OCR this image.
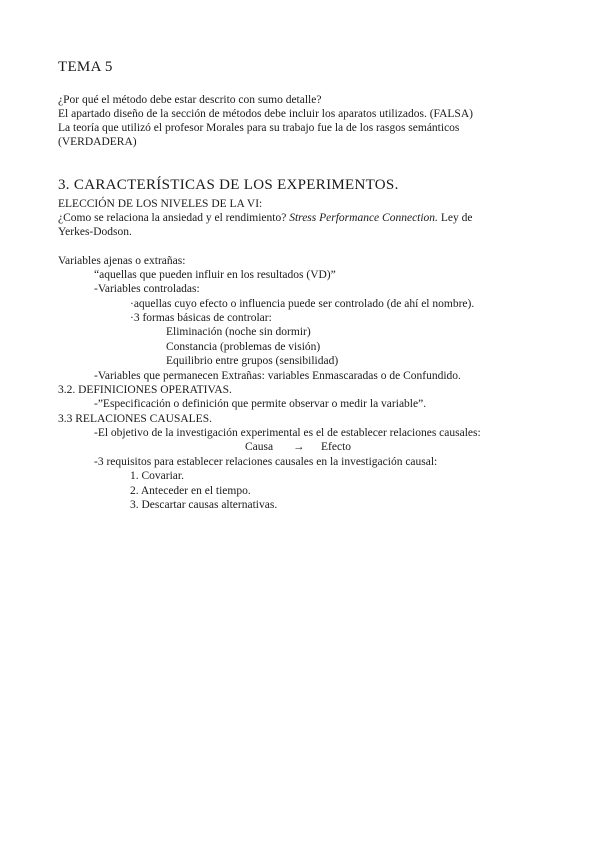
TEMA 5
¿Por qué el método debe estar descrito con sumo detalle?
El apartado diseño de la sección de métodos debe incluir los aparatos utilizados. (FALSA)
La teoría que utilizó el profesor Morales para su trabajo fue la de los rasgos semánticos
(VERDADERA)
3. CARACTERÍSTICAS DE LOS EXPERIMENTOS.
ELECCIÓN DE LOS NIVELES DE LA VI:
¿Como se relaciona la ansiedad y el rendimiento? Stress Performance Connection. Ley de
Yerkes-Dodson.
Variables ajenas o extrañas:
“aquellas que pueden influir en los resultados (VD)”
-Variables controladas:
·aquellas cuyo efecto o influencia puede ser controlado (de ahí el nombre).
·3 formas básicas de controlar:
Eliminación (noche sin dormir)
Constancia (problemas de visión)
Equilibrio entre grupos (sensibilidad)
-Variables que permanecen Extrañas: variables Enmascaradas o de Confundido.
3.2. DEFINICIONES OPERATIVAS.
-”Especificación o definición que permite observar o medir la variable”.
3.3 RELACIONES CAUSALES.
-El objetivo de la investigación experimental es el de establecer relaciones causales:
Causa → Efecto
-3 requisitos para establecer relaciones causales en la investigación causal:
1. Covariar.
2. Anteceder en el tiempo.
3. Descartar causas alternativas.
